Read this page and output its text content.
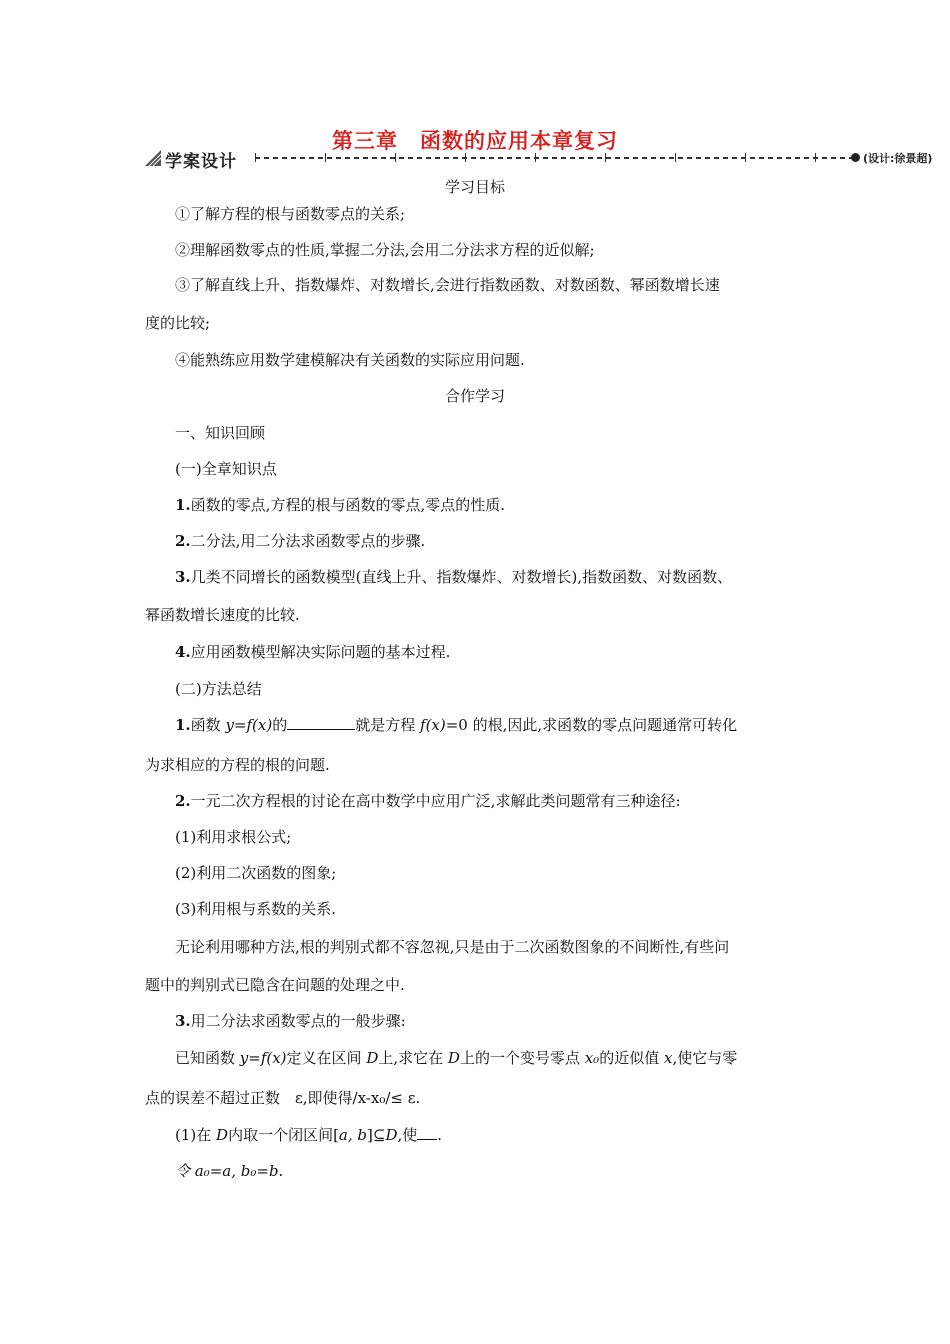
第三章　函数的应用本章复习
学案设计	(设计:徐景超)
学习目标
①了解方程的根与函数零点的关系;
②理解函数零点的性质,掌握二分法,会用二分法求方程的近似解;
③了解直线上升、指数爆炸、对数增长,会进行指数函数、对数函数、幂函数增长速
度的比较;
④能熟练应用数学建模解决有关函数的实际应用问题.
合作学习
一、知识回顾
(一)全章知识点
1.函数的零点,方程的根与函数的零点,零点的性质.
2.二分法,用二分法求函数零点的步骤.
3.几类不同增长的函数模型(直线上升、指数爆炸、对数增长),指数函数、对数函数、
幂函数增长速度的比较.
4.应用函数模型解决实际问题的基本过程.
(二)方法总结
1.函数 y=f(x)的	就是方程 f(x)=0 的根,因此,求函数的零点问题通常可转化
为求相应的方程的根的问题.
2.一元二次方程根的讨论在高中数学中应用广泛,求解此类问题常有三种途径:
(1)利用求根公式;
(2)利用二次函数的图象;
(3)利用根与系数的关系.
无论利用哪种方法,根的判别式都不容忽视,只是由于二次函数图象的不间断性,有些问
题中的判别式已隐含在问题的处理之中.
3.用二分法求函数零点的一般步骤:
已知函数 y=f(x)定义在区间 D上,求它在 D上的一个变号零点 x₀的近似值 x,使它与零
点的误差不超过正数　ε,即使得/x-x₀/≤ ε.
(1)在 D内取一个闭区间[a, b]⊆D,使 .
令 a₀=a, b₀=b.
